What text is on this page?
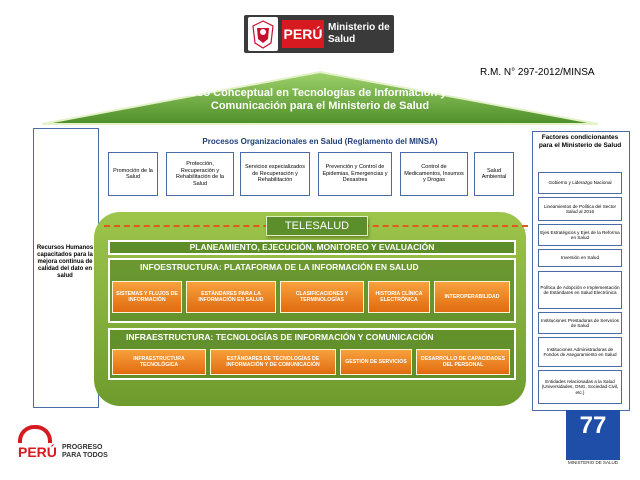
PERÚ Ministerio de Salud
R.M. N° 297-2012/MINSA
Marco Conceptual en Tecnologías de Información y de Comunicación para el Ministerio de Salud
Recursos Humanos capacitados para la mejora continua de calidad del dato en salud
Factores condicionantes para el Ministerio de Salud
Gobierno y Liderazgo Nacional
Lineamientos de Política del Sector Salud al 2016
Ejes Estratégicos y Ejes de la Reforma en Salud
Inversión en Salud
Política de Adopción e Implementación de Estándares en Salud Electrónica
Instituciones Prestadoras de Servicios de Salud
Instituciones Administradoras de Fondos de Aseguramiento en Salud
Entidades relacionadas a la Salud (Universidades, ONG, Sociedad Civil, etc.)
Procesos Organizacionales en Salud (Reglamento del MINSA)
Promoción de la Salud
Protección, Recuperación y Rehabilitación de la Salud
Servicios especializados de Recuperación y Rehabilitación
Prevención y Control de Epidemias, Emergencias y Desastres
Control de Medicamentos, Insumos y Drogas
Salud Ambiental
TELESALUD
PLANEAMIENTO, EJECUCIÓN, MONITOREO Y EVALUACIÓN
INFOESTRUCTURA: PLATAFORMA DE LA INFORMACIÓN EN SALUD
SISTEMAS Y FLUJOS DE INFORMACIÓN
ESTÁNDARES PARA LA INFORMACIÓN EN SALUD
CLASIFICACIONES Y TERMINOLOGÍAS
HISTORIA CLÍNICA ELECTRÓNICA
INTEROPERABILIDAD
INFRAESTRUCTURA: TECNOLOGÍAS DE INFORMACIÓN Y COMUNICACIÓN
INFRAESTRUCTURA TECNOLÓGICA
ESTÁNDARES DE TECNOLOGÍAS DE INFORMACIÓN Y DE COMUNICACIÓN
GESTIÓN DE SERVICIOS
DESARROLLO DE CAPACIDADES DEL PERSONAL
PERÚ PROGRESO
PARA TODOS
77
MINISTERIO DE SALUD
